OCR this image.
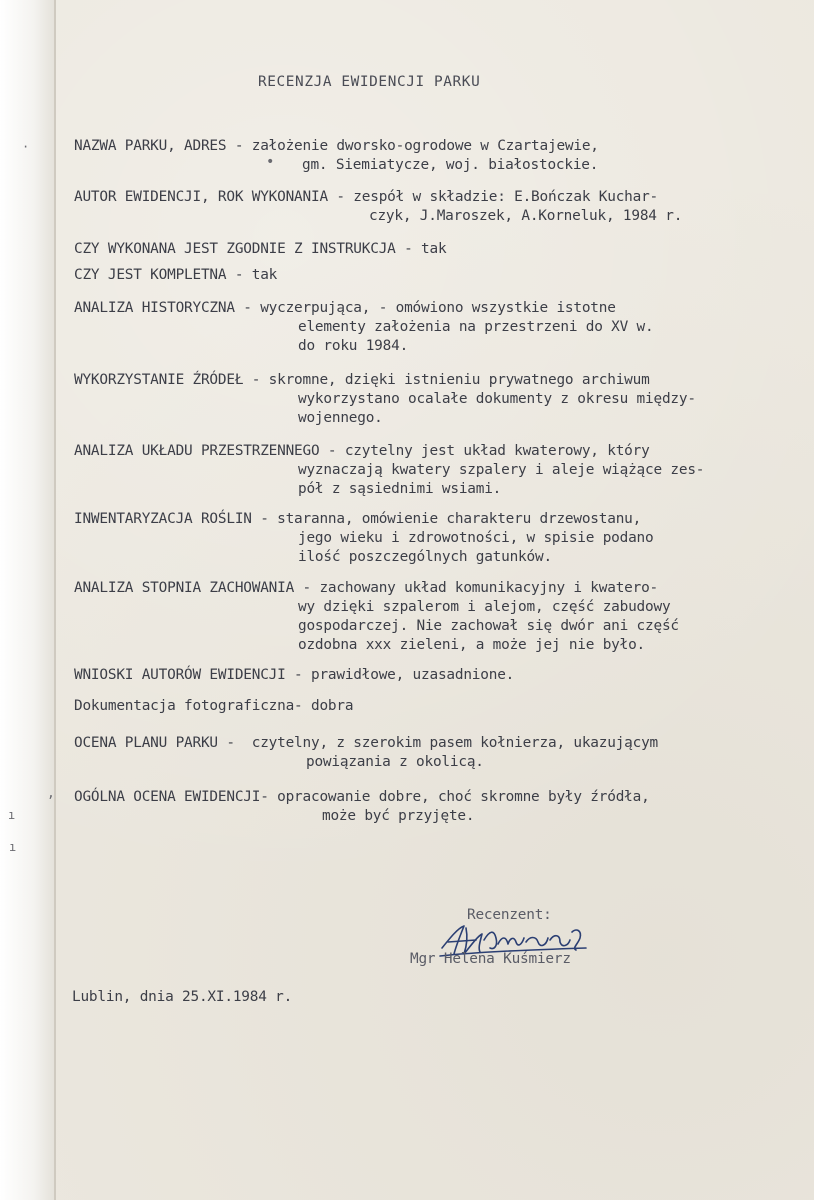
·
ı
ı

RECENZJA EWIDENCJI PARKU

NAZWA PARKU, ADRES - założenie dworsko-ogrodowe w Czartajewie,

gm. Siemiatycze, woj. białostockie.

•

AUTOR EWIDENCJI, ROK WYKONANIA - zespół w składzie: E.Bończak Kuchar-

czyk, J.Maroszek, A.Korneluk, 1984 r.

CZY WYKONANA JEST ZGODNIE Z INSTRUKCJA - tak

CZY JEST KOMPLETNA - tak

ANALIZA HISTORYCZNA - wyczerpująca, - omówiono wszystkie istotne

elementy założenia na przestrzeni do XV w.

do roku 1984.

WYKORZYSTANIE ŹRÓDEŁ - skromne, dzięki istnieniu prywatnego archiwum

wykorzystano ocalałe dokumenty z okresu między-

wojennego.

ANALIZA UKŁADU PRZESTRZENNEGO - czytelny jest układ kwaterowy, który

wyznaczają kwatery szpalery i aleje wiążące zes-

pół z sąsiednimi wsiami.

INWENTARYZACJA ROŚLIN - staranna, omówienie charakteru drzewostanu,

jego wieku i zdrowotności, w spisie podano

ilość poszczególnych gatunków.

ANALIZA STOPNIA ZACHOWANIA - zachowany układ komunikacyjny i kwatero-

wy dzięki szpalerom i alejom, część zabudowy

gospodarczej. Nie zachował się dwór ani część

ozdobna xxx zieleni, a może jej nie było.

WNIOSKI AUTORÓW EWIDENCJI - prawidłowe, uzasadnione.

Dokumentacja fotograficzna- dobra

OCENA PLANU PARKU -  czytelny, z szerokim pasem kołnierza, ukazującym

powiązania z okolicą.

OGÓLNA OCENA EWIDENCJI- opracowanie dobre, choć skromne były źródła,

może być przyjęte.

,

Recenzent:

Mgr Helena Kuśmierz

Lublin, dnia 25.XI.1984 r.
